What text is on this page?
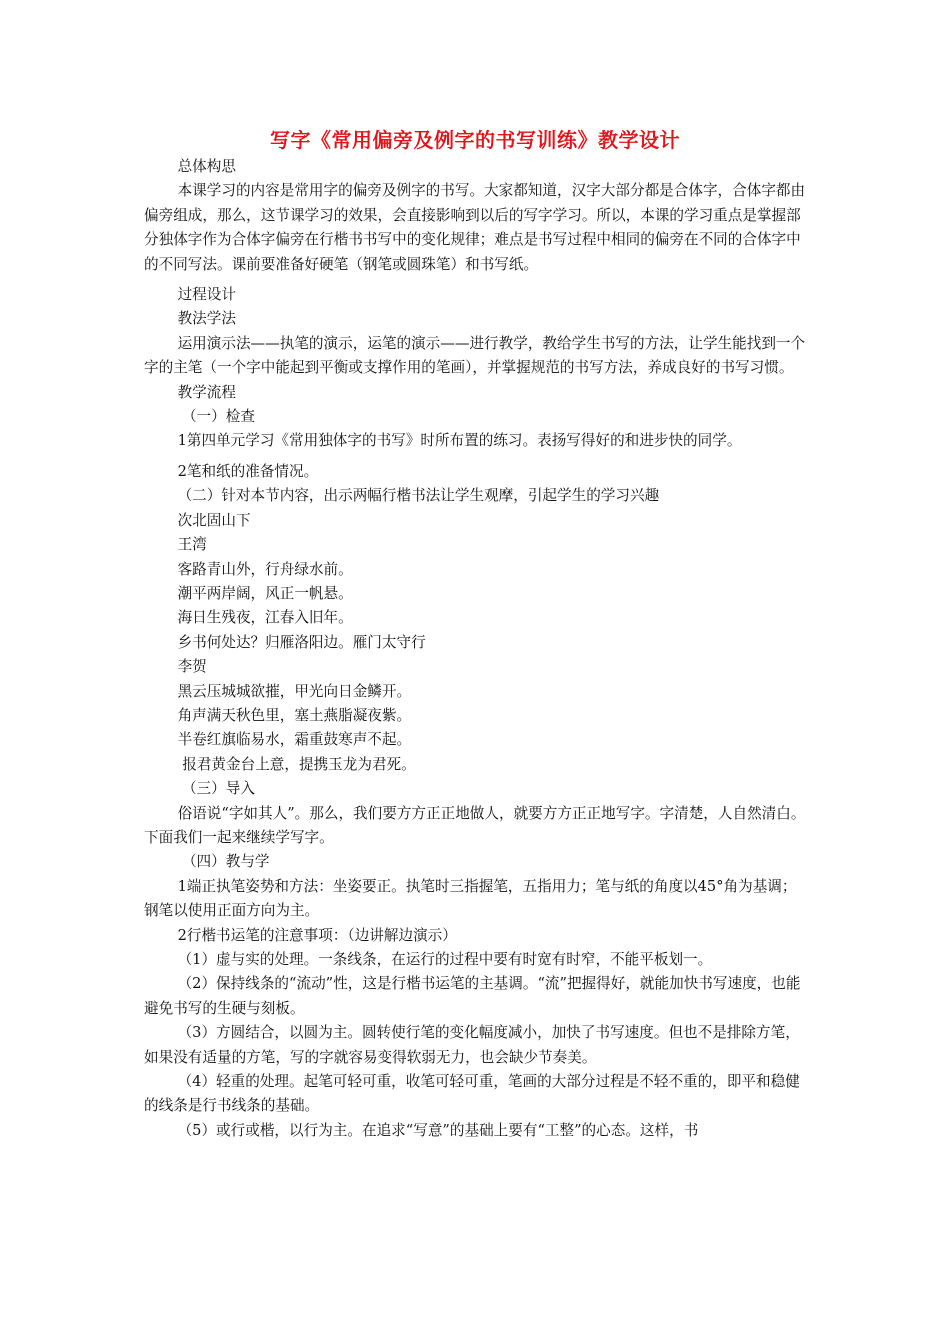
写字《常用偏旁及例字的书写训练》教学设计

总体构思

本课学习的内容是常用字的偏旁及例字的书写。大家都知道，汉字大部分都是合体字，合体字都由偏旁组成，那么，这节课学习的效果，会直接影响到以后的写字学习。所以，本课的学习重点是掌握部分独体字作为合体字偏旁在行楷书书写中的变化规律；难点是书写过程中相同的偏旁在不同的合体字中的不同写法。课前要准备好硬笔（钢笔或圆珠笔）和书写纸。

过程设计

教法学法

运用演示法——执笔的演示，运笔的演示——进行教学，教给学生书写的方法，让学生能找到一个字的主笔（一个字中能起到平衡或支撑作用的笔画），并掌握规范的书写方法，养成良好的书写习惯。

教学流程

（一）检查

1第四单元学习《常用独体字的书写》时所布置的练习。表扬写得好的和进步快的同学。

2笔和纸的准备情况。

（二）针对本节内容，出示两幅行楷书法让学生观摩，引起学生的学习兴趣

次北固山下

王湾

客路青山外，行舟绿水前。

潮平两岸阔，风正一帆悬。

海日生残夜，江春入旧年。

乡书何处达？归雁洛阳边。雁门太守行

李贺

黑云压城城欲摧，甲光向日金鳞开。

角声满天秋色里，塞土燕脂凝夜紫。

半卷红旗临易水，霜重鼓寒声不起。

报君黄金台上意，提携玉龙为君死。

（三）导入

俗语说“字如其人”。那么，我们要方方正正地做人，就要方方正正地写字。字清楚，人自然清白。下面我们一起来继续学写字。

（四）教与学

1端正执笔姿势和方法：坐姿要正。执笔时三指握笔，五指用力；笔与纸的角度以45°角为基调；钢笔以使用正面方向为主。

2行楷书运笔的注意事项：（边讲解边演示）

（1）虚与实的处理。一条线条，在运行的过程中要有时宽有时窄，不能平板划一。

（2）保持线条的“流动”性，这是行楷书运笔的主基调。“流”把握得好，就能加快书写速度，也能避免书写的生硬与刻板。

（3）方圆结合，以圆为主。圆转使行笔的变化幅度减小，加快了书写速度。但也不是排除方笔，如果没有适量的方笔，写的字就容易变得软弱无力，也会缺少节奏美。

（4）轻重的处理。起笔可轻可重，收笔可轻可重，笔画的大部分过程是不轻不重的，即平和稳健的线条是行书线条的基础。

（5）或行或楷，以行为主。在追求“写意”的基础上要有“工整”的心态。这样，书
